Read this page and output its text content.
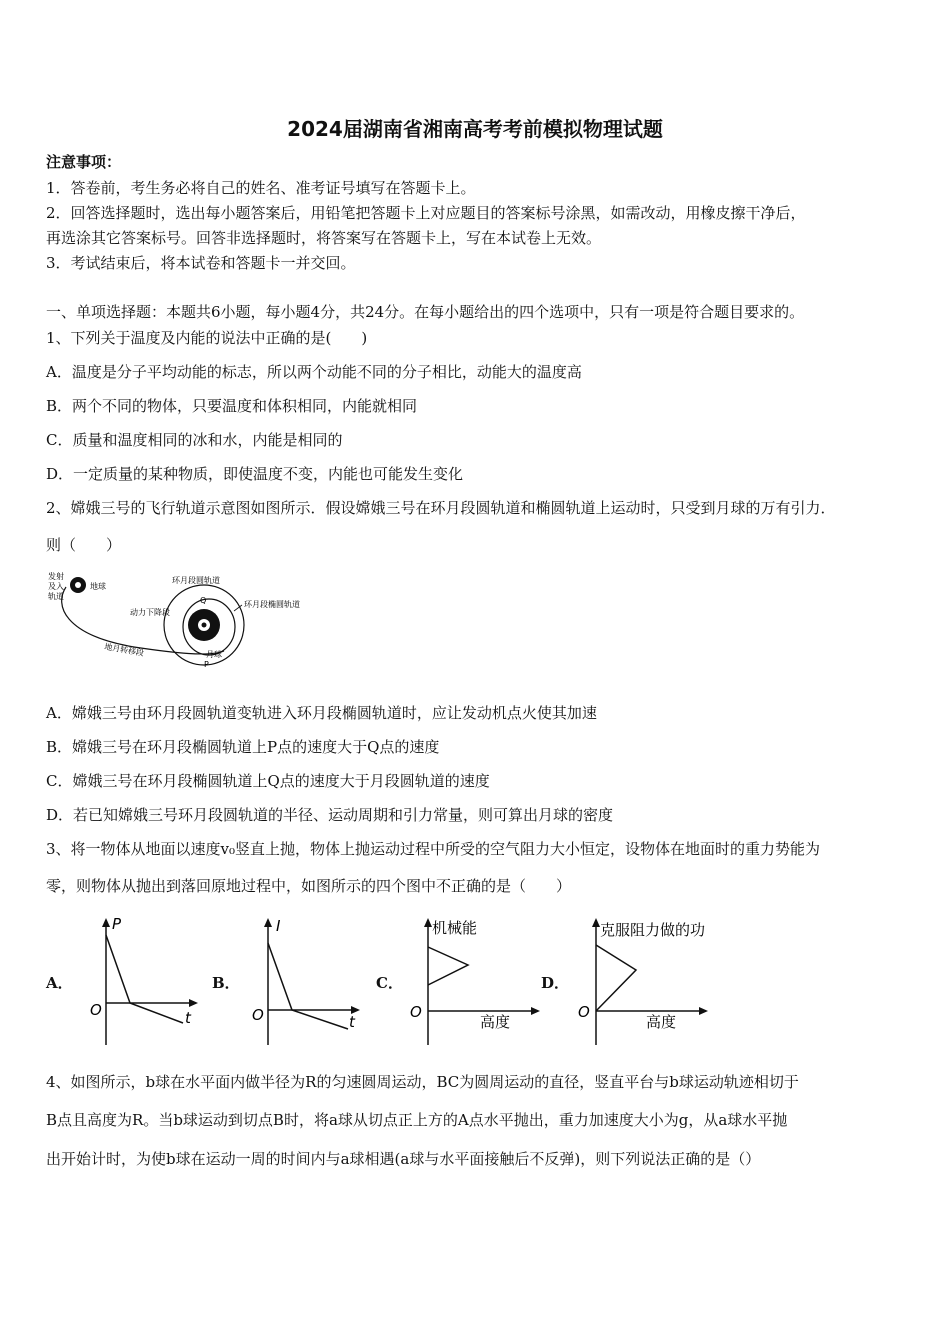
2024届湖南省湘南高考考前模拟物理试题
注意事项：
1．答卷前，考生务必将自己的姓名、准考证号填写在答题卡上。
2．回答选择题时，选出每小题答案后，用铅笔把答题卡上对应题目的答案标号涂黑，如需改动，用橡皮擦干净后，
再选涂其它答案标号。回答非选择题时，将答案写在答题卡上，写在本试卷上无效。
3．考试结束后，将本试卷和答题卡一并交回。
一、单项选择题：本题共6小题，每小题4分，共24分。在每小题给出的四个选项中，只有一项是符合题目要求的。
1、下列关于温度及内能的说法中正确的是(　　)
A．温度是分子平均动能的标志，所以两个动能不同的分子相比，动能大的温度高
B．两个不同的物体，只要温度和体积相同，内能就相同
C．质量和温度相同的冰和水，内能是相同的
D．一定质量的某种物质，即使温度不变，内能也可能发生变化
2、嫦娥三号的飞行轨道示意图如图所示．假设嫦娥三号在环月段圆轨道和椭圆轨道上运动时，只受到月球的万有引力．
则（　　）
发射
及入
轨道
地球
地月转移段
环月段圆轨道
环月段椭圆轨道
动力下降段
Q
月球
P
A．嫦娥三号由环月段圆轨道变轨进入环月段椭圆轨道时，应让发动机点火使其加速
B．嫦娥三号在环月段椭圆轨道上P点的速度大于Q点的速度
C．嫦娥三号在环月段椭圆轨道上Q点的速度大于月段圆轨道的速度
D．若已知嫦娥三号环月段圆轨道的半径、运动周期和引力常量，则可算出月球的密度
3、将一物体从地面以速度v₀竖直上抛，物体上抛运动过程中所受的空气阻力大小恒定，设物体在地面时的重力势能为
零，则物体从抛出到落回原地过程中，如图所示的四个图中不正确的是（　　）
A．	B．	C．	D．
P
O	t
I
O	t
机械能
O
高度
克服阻力做的功
O
高度
4、如图所示，b球在水平面内做半径为R的匀速圆周运动，BC为圆周运动的直径，竖直平台与b球运动轨迹相切于
B点且高度为R。当b球运动到切点B时，将a球从切点正上方的A点水平抛出，重力加速度大小为g，从a球水平抛
出开始计时，为使b球在运动一周的时间内与a球相遇(a球与水平面接触后不反弹)，则下列说法正确的是（）
